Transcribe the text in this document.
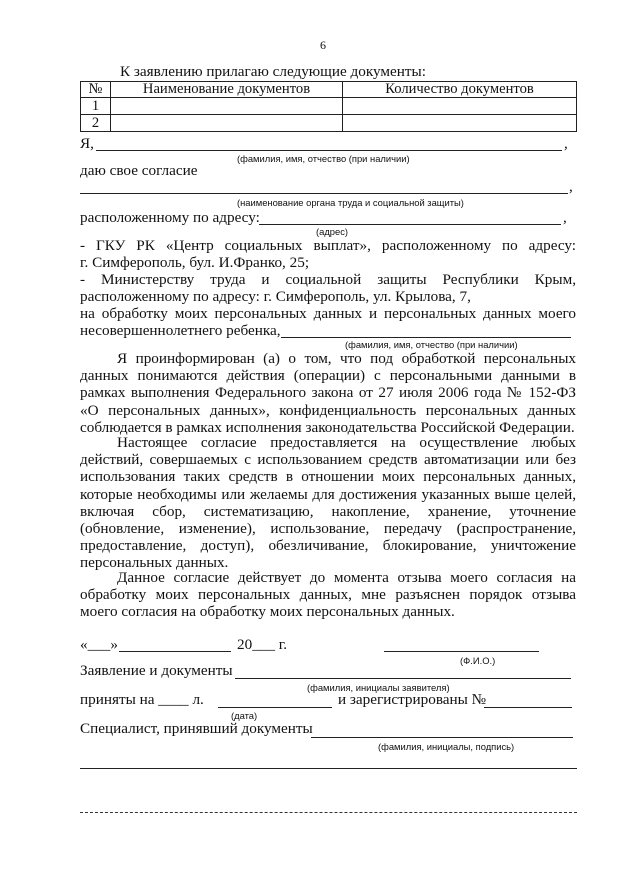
6
К заявлению прилагаю следующие документы:
№	Наименование документов	Количество документов
1		
2		
Я,	,
(фамилия, имя, отчество (при наличии)
даю свое согласие
,
(наименование органа труда и социальной защиты)
расположенному по адресу:	,
(адрес)
- ГКУ РК «Центр социальных выплат», расположенному по адресу:
г. Симферополь, бул. И.Франко, 25;
- Министерству труда и социальной защиты Республики Крым,
расположенному по адресу: г. Симферополь, ул. Крылова, 7,
на обработку моих персональных данных и персональных данных моего
несовершеннолетнего ребенка,
(фамилия, имя, отчество (при наличии)
Я проинформирован (а) о том, что под обработкой персональных данных понимаются действия (операции) с персональными данными в рамках выполнения Федерального закона от 27 июля 2006 года № 152-ФЗ «О персональных данных», конфиденциальность персональных данных соблюдается в рамках исполнения законодательства Российской Федерации.
Настоящее согласие предоставляется на осуществление любых действий, совершаемых с использованием средств автоматизации или без использования таких средств в отношении моих персональных данных, которые необходимы или желаемы для достижения указанных выше целей, включая сбор, систематизацию, накопление, хранение, уточнение (обновление, изменение), использование, передачу (распространение, предоставление, доступ), обезличивание, блокирование, уничтожение персональных данных.
Данное согласие действует до момента отзыва моего согласия на обработку моих персональных данных, мне разъяснен порядок отзыва моего согласия на обработку моих персональных данных.
«___»	20___ г.
(Ф.И.О.)
Заявление и документы
(фамилия, инициалы заявителя)
приняты на ____ л.	и зарегистрированы №
(дата)
Специалист, принявший документы
(фамилия, инициалы, подпись)
